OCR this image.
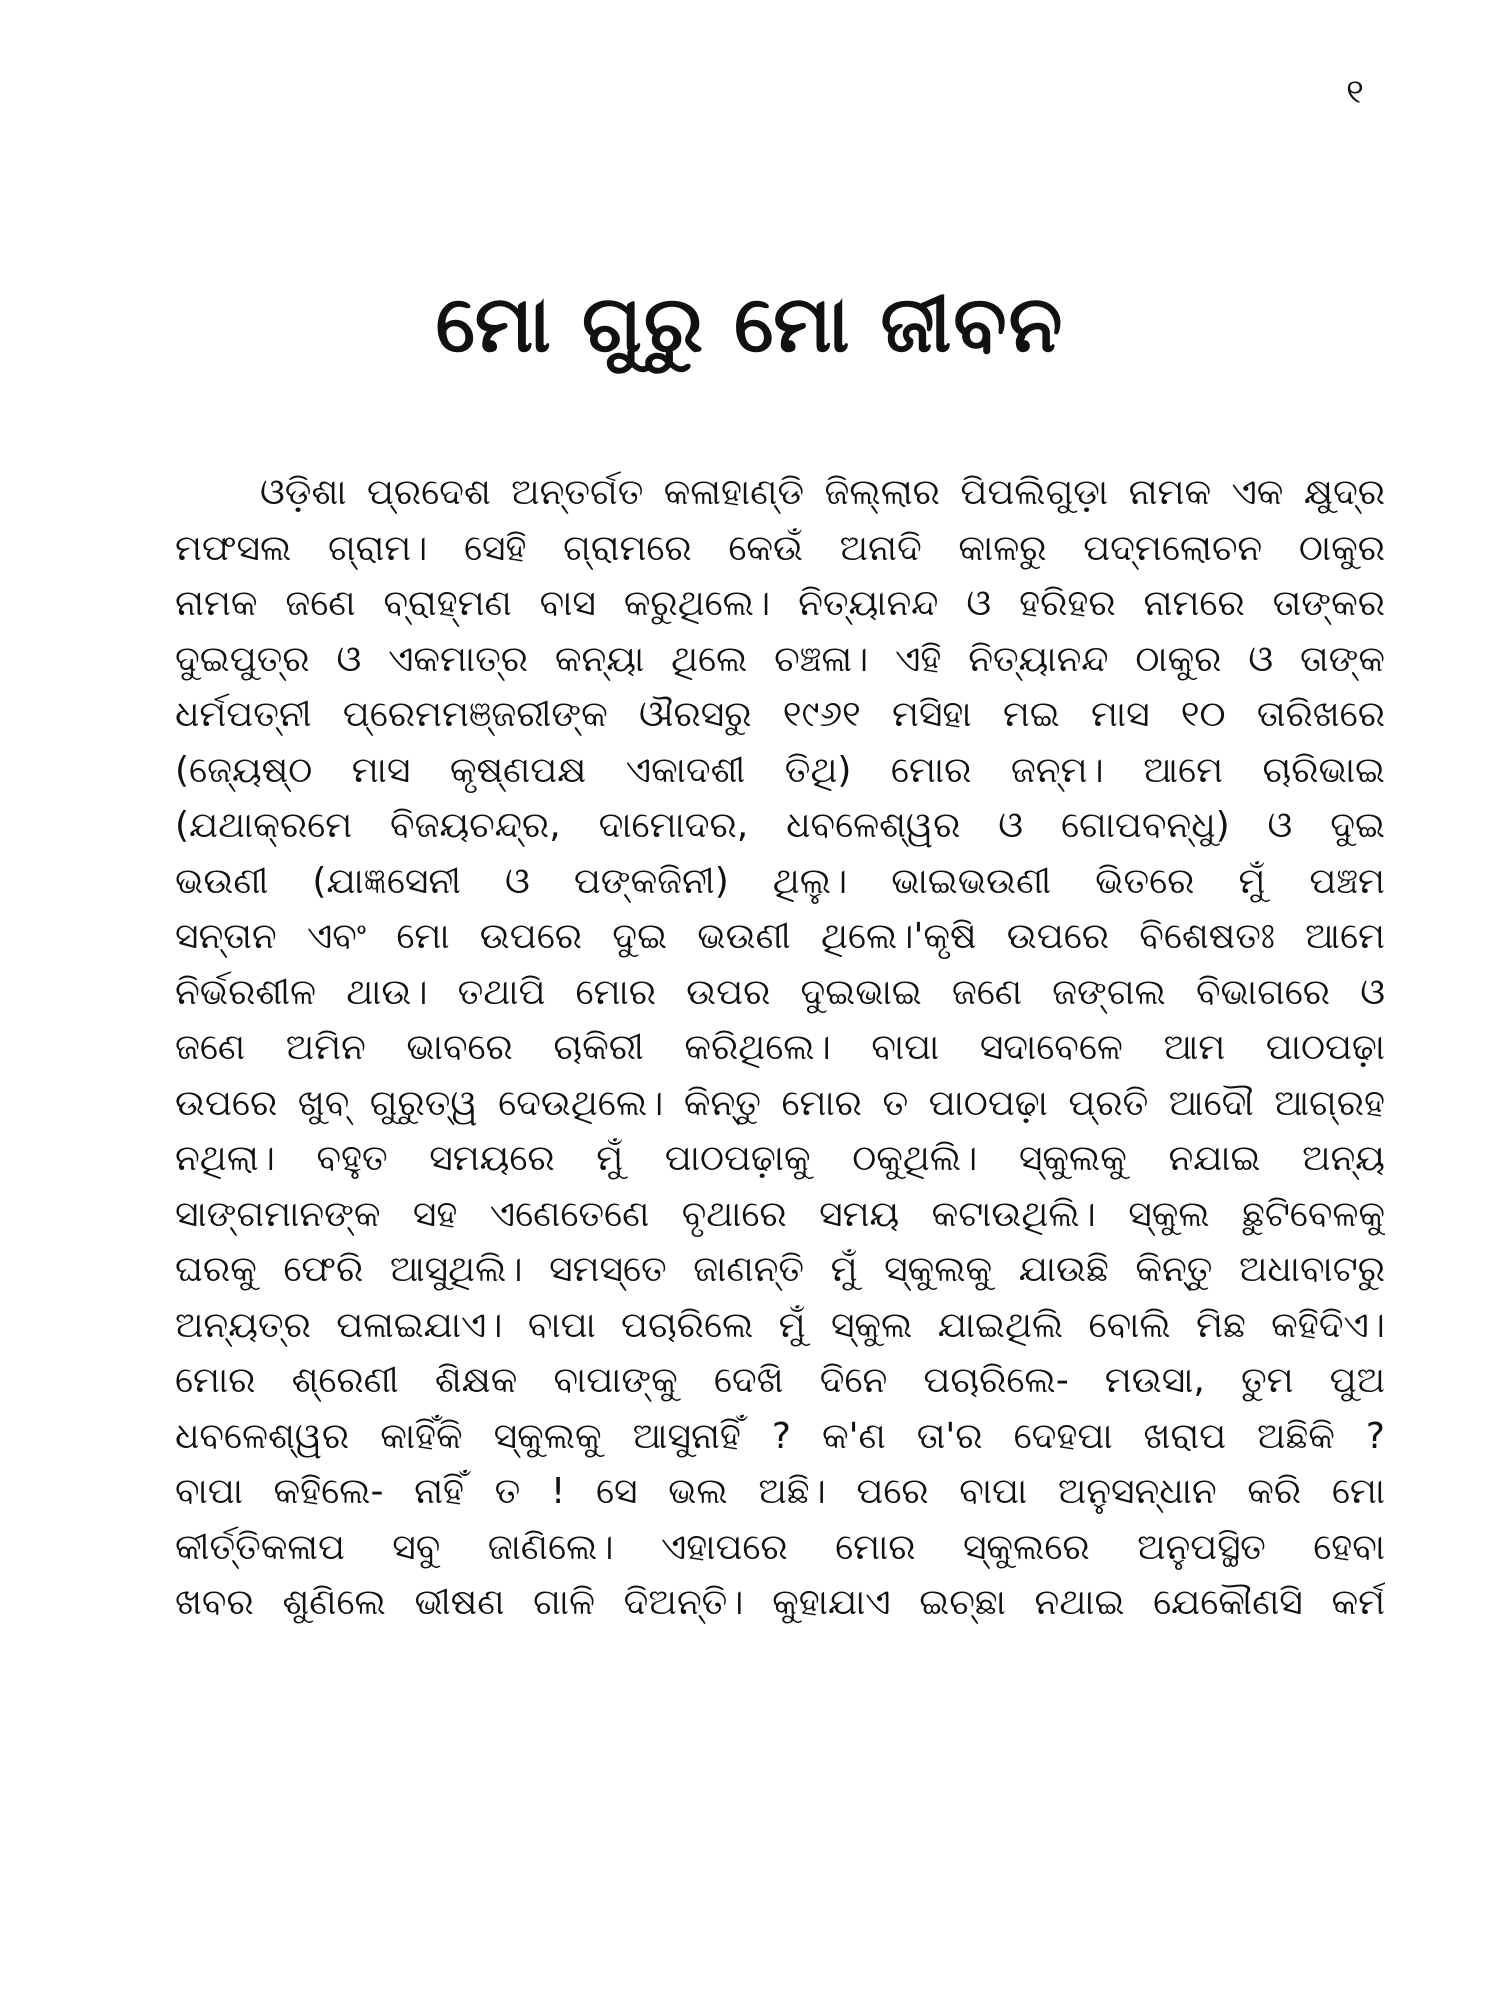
୧
ମୋ ଗୁରୁ ମୋ ଜୀବନ
ଓଡ଼ିଶା ପ୍ରଦେଶ ଅନ୍ତର୍ଗତ କଳାହାଣ୍ଡି ଜିଲ୍ଲାର ପିପଲିଗୁଡ଼ା ନାମକ ଏକ କ୍ଷୁଦ୍ର
ମଫସଲ ଗ୍ରାମ। ସେହି ଗ୍ରାମରେ କେଉଁ ଅନାଦି କାଳରୁ ପଦ୍ମଲୋଚନ ଠାକୁର
ନାମକ ଜଣେ ବ୍ରାହ୍ମଣ ବାସ କରୁଥିଲେ। ନିତ୍ୟାନନ୍ଦ ଓ ହରିହର ନାମରେ ତାଙ୍କର
ଦୁଇପୁତ୍ର ଓ ଏକମାତ୍ର କନ୍ୟା ଥିଲେ ଚଞ୍ଚଳା। ଏହି ନିତ୍ୟାନନ୍ଦ ଠାକୁର ଓ ତାଙ୍କ
ଧର୍ମପତ୍ନୀ ପ୍ରେମମଞ୍ଜରୀଙ୍କ ଔରସରୁ ୧୯୬୧ ମସିହା ମଇ ମାସ ୧୦ ତାରିଖରେ
(ଜ୍ୟେଷ୍ଠ ମାସ କୃଷ୍ଣପକ୍ଷ ଏକାଦଶୀ ତିଥି) ମୋର ଜନ୍ମ। ଆମେ ଚାରିଭାଇ
(ଯଥାକ୍ରମେ ବିଜୟଚନ୍ଦ୍ର, ଦାମୋଦର, ଧବଳେଶ୍ୱର ଓ ଗୋପବନ୍ଧୁ) ଓ ଦୁଇ
ଭଉଣୀ (ଯାଜ୍ଞସେନୀ ଓ ପଙ୍କଜିନୀ) ଥିଲୁ। ଭାଇଭଉଣୀ ଭିତରେ ମୁଁ ପଞ୍ଚମ
ସନ୍ତାନ ଏବଂ ମୋ ଉପରେ ଦୁଇ ଭଉଣୀ ଥିଲେ।'କୃଷି ଉପରେ ବିଶେଷତଃ ଆମେ
ନିର୍ଭରଶୀଳ ଥାଉ। ତଥାପି ମୋର ଉପର ଦୁଇଭାଇ ଜଣେ ଜଙ୍ଗଲ ବିଭାଗରେ ଓ
ଜଣେ ଅମିନ ଭାବରେ ଚାକିରୀ କରିଥିଲେ। ବାପା ସଦାବେଳେ ଆମ ପାଠପଢ଼ା
ଉପରେ ଖୁବ୍ ଗୁରୁତ୍ୱ ଦେଉଥିଲେ। କିନ୍ତୁ ମୋର ତ ପାଠପଢ଼ା ପ୍ରତି ଆଦୌ ଆଗ୍ରହ
ନଥିଲା। ବହୁତ ସମୟରେ ମୁଁ ପାଠପଢ଼ାକୁ ଠକୁଥିଲି। ସ୍କୁଲକୁ ନଯାଇ ଅନ୍ୟ
ସାଙ୍ଗମାନଙ୍କ ସହ ଏଣେତେଣେ ବୃଥାରେ ସମୟ କଟାଉଥିଲି। ସ୍କୁଲ ଛୁଟିବେଳକୁ
ଘରକୁ ଫେରି ଆସୁଥିଲି। ସମସ୍ତେ ଜାଣନ୍ତି ମୁଁ ସ୍କୁଲକୁ ଯାଉଛି କିନ୍ତୁ ଅଧାବାଟରୁ
ଅନ୍ୟତ୍ର ପଳାଇଯାଏ। ବାପା ପଚାରିଲେ ମୁଁ ସ୍କୁଲ ଯାଇଥିଲି ବୋଲି ମିଛ କହିଦିଏ।
ମୋର ଶ୍ରେଣୀ ଶିକ୍ଷକ ବାପାଙ୍କୁ ଦେଖି ଦିନେ ପଚାରିଲେ- ମଉସା, ତୁମ ପୁଅ
ଧବଳେଶ୍ୱର କାହିଁକି ସ୍କୁଲକୁ ଆସୁନାହିଁ ? କ'ଣ ତା'ର ଦେହପା ଖରାପ ଅଛିକି ?
ବାପା କହିଲେ- ନାହିଁ ତ ! ସେ ଭଲ ଅଛି। ପରେ ବାପା ଅନୁସନ୍ଧାନ କରି ମୋ
କୀର୍ତ୍ତିକଳାପ ସବୁ ଜାଣିଲେ। ଏହାପରେ ମୋର ସ୍କୁଲରେ ଅନୁପସ୍ଥିତ ହେବା
ଖବର ଶୁଣିଲେ ଭୀଷଣ ଗାଳି ଦିଅନ୍ତି। କୁହାଯାଏ ଇଚ୍ଛା ନଥାଇ ଯେକୌଣସି କର୍ମ
